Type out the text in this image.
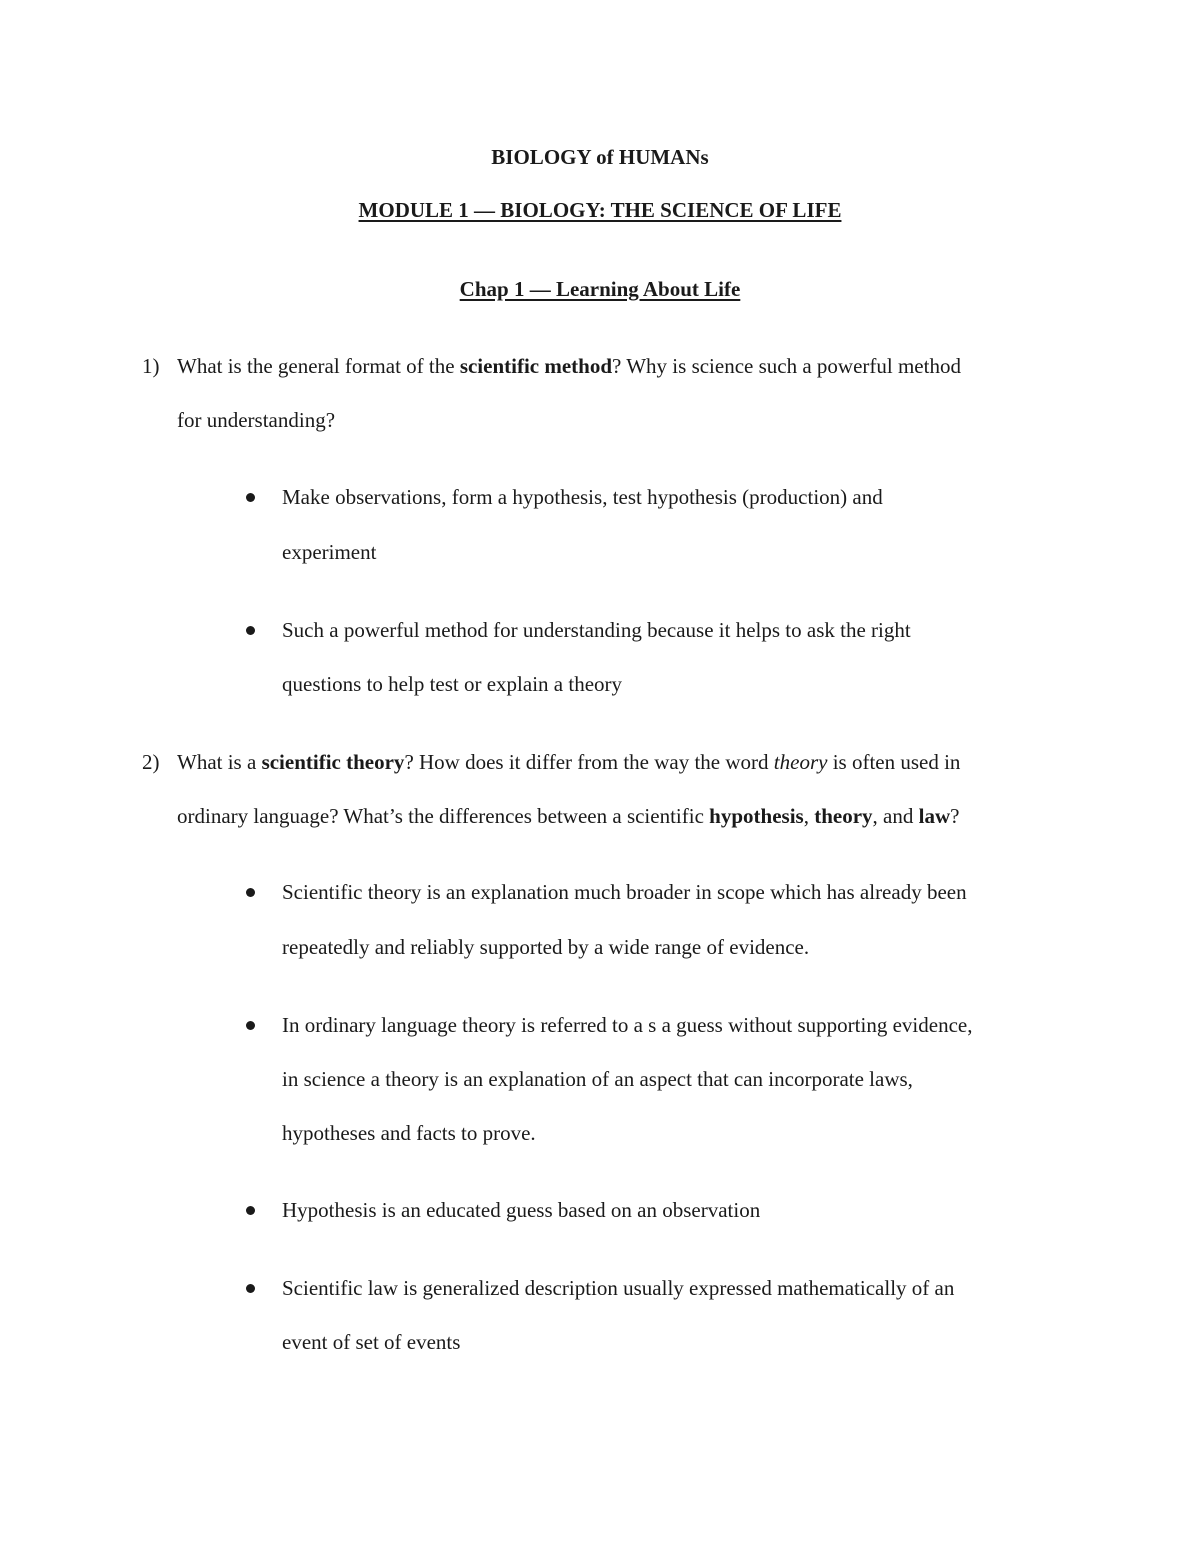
BIOLOGY of HUMANs
MODULE 1 — BIOLOGY: THE SCIENCE OF LIFE
Chap 1 — Learning About Life
1) What is the general format of the scientific method? Why is science such a powerful method
for understanding?
Make observations, form a hypothesis, test hypothesis (production) and
experiment
Such a powerful method for understanding because it helps to ask the right
questions to help test or explain a theory
2) What is a scientific theory? How does it differ from the way the word theory is often used in
ordinary language? What’s the differences between a scientific hypothesis, theory, and law?
Scientific theory is an explanation much broader in scope which has already been
repeatedly and reliably supported by a wide range of evidence.
In ordinary language theory is referred to a s a guess without supporting evidence,
in science a theory is an explanation of an aspect that can incorporate laws,
hypotheses and facts to prove.
Hypothesis is an educated guess based on an observation
Scientific law is generalized description usually expressed mathematically of an
event of set of events
